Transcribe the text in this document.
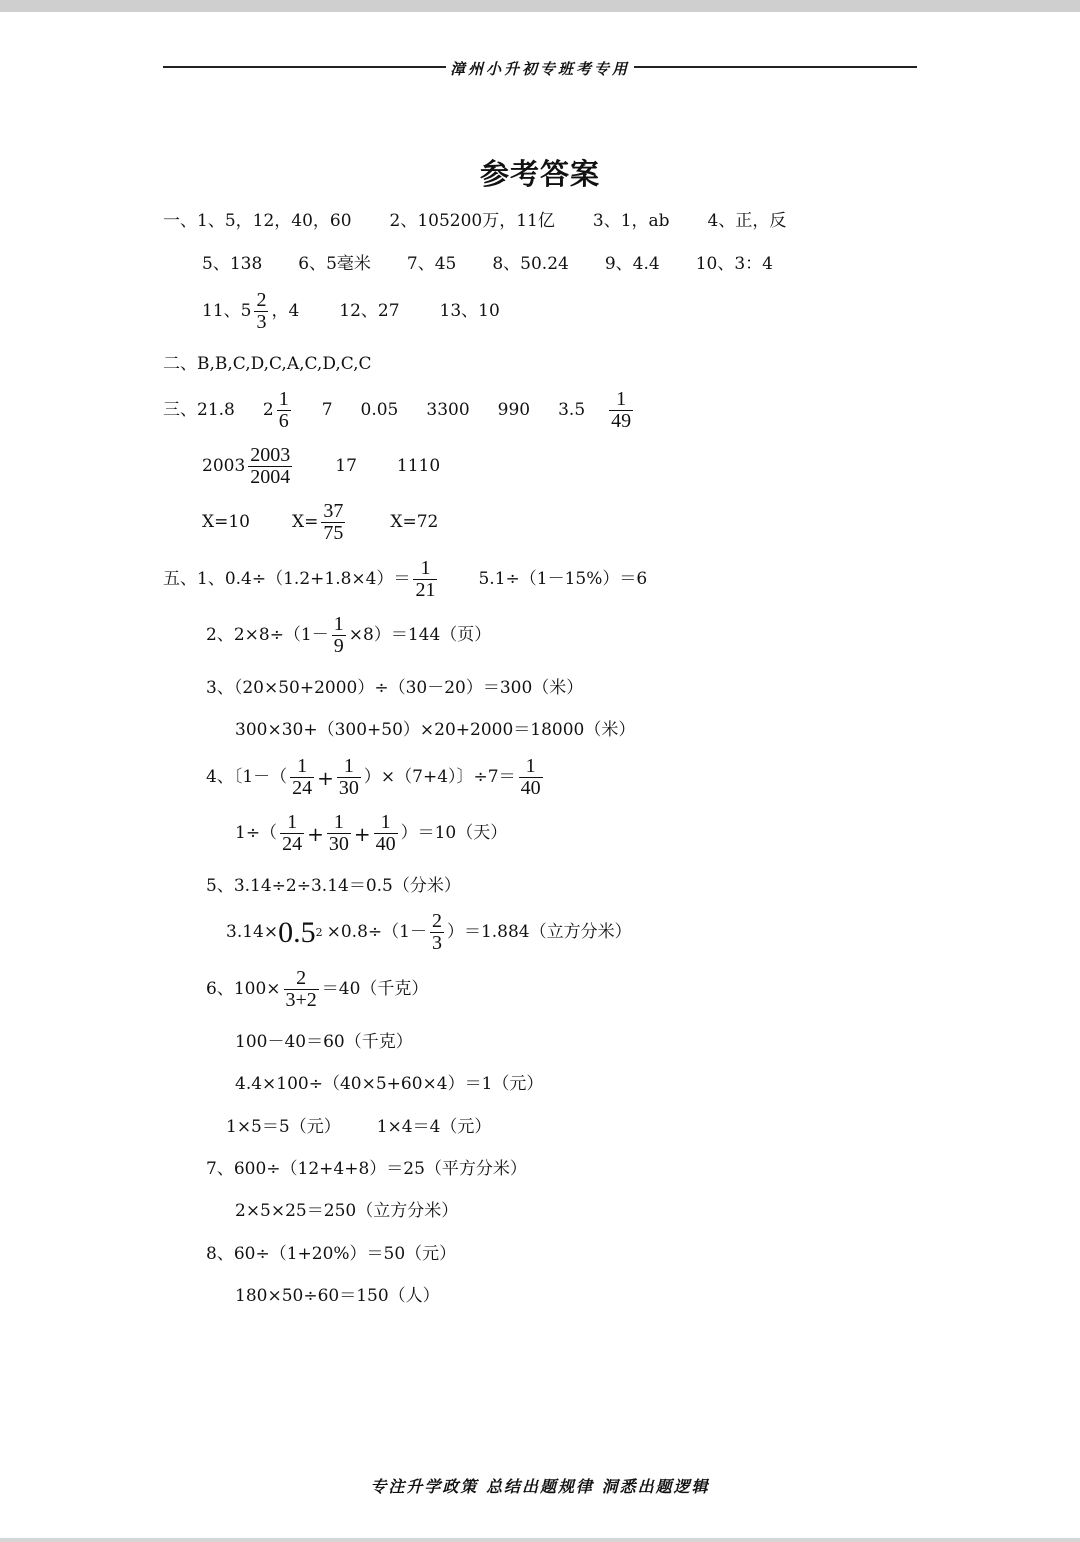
漳州小升初专班考专用
参考答案
一、1、5，12，40，60 2、105200万，11亿 3、1，ab 4、正，反
5、138 6、5毫米 7、45 8、50.24 9、4.4 10、3：4
11、$5 \frac{2}{3}$ ，4 12、27 13、10
二、B,B,C,D,C,A,C,D,C,C
三、21.8 $2 \frac{1}{6} 7$ 0.05 3300 990 $3.5 \frac{1}{49}$
$2003 \frac{2003}{2004}$	17 1110
X=10 $X= \frac{37}{75}$	X=72
五、1、$0.4\div(1.2+1.8\times 4)= \frac{1}{21} 5.1\div(1-15\%)=6$
2、$2\times 8\div(1- \frac{1}{9} \times 8)=144$（页）
3、（20×50+2000）÷（30－20）＝300（米）
300×30+（300+50）×20+2000＝18000（米）
4、〔$1-( \frac{1}{24} + \frac{1}{30} )\times(7+4)$〕$\div 7= \frac{1}{40}$
$1\div( \frac{1}{24} + \frac{1}{30} + \frac{1}{40} )=10$（天）
5、3.14÷2÷3.14＝0.5（分米）
3.14× 0.5 $2 \times 0.8\div(1- \frac{2}{3} )=1.884$（立方分米）
6、$100\times \frac{2}{3+2} =40$（千克）
100－40＝60（千克）
4.4×100÷（40×5+60×4）＝1（元）
1×5＝5（元） 1×4＝4（元）
7、600÷（12+4+8）＝25（平方分米）
2×5×25＝250（立方分米）
8、60÷（1+20%）＝50（元）
180×50÷60＝150（人）
专注升学政策 总结出题规律 洞悉出题逻辑
